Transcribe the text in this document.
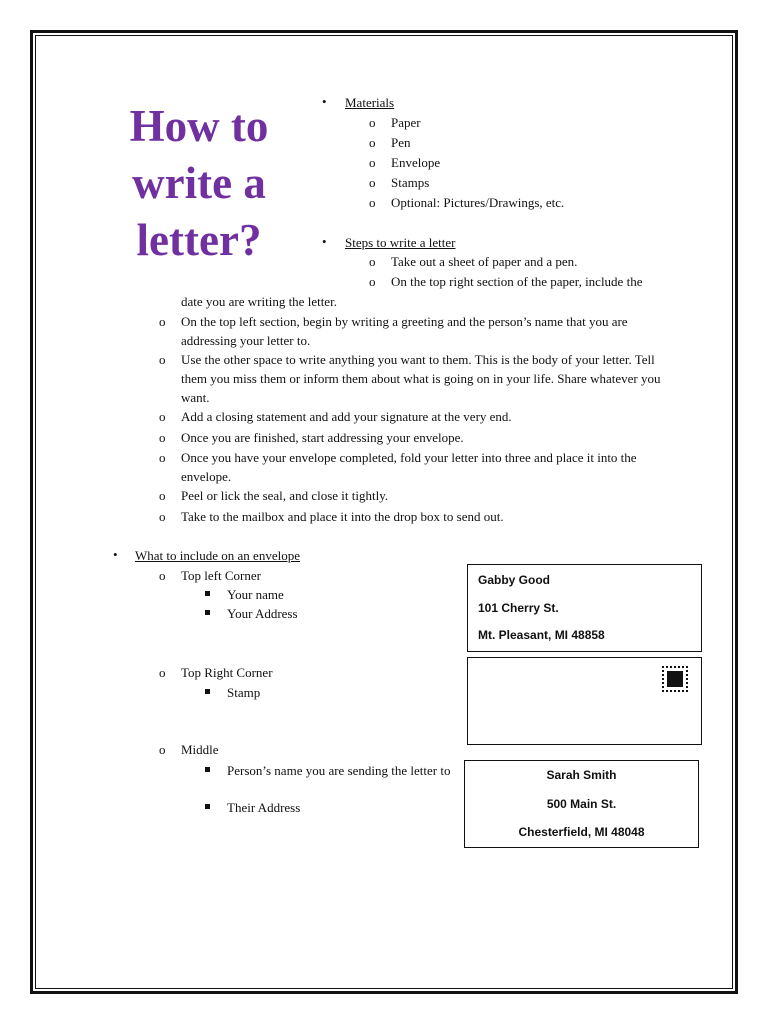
How to
write a
letter?
• Materials
o Paper
o Pen
o Envelope
o Stamps
o Optional: Pictures/Drawings, etc.
• Steps to write a letter
o Take out a sheet of paper and a pen.
o On the top right section of the paper, include the
date you are writing the letter.
o On the top left section, begin by writing a greeting and the person’s name that you are addressing your letter to.
o Use the other space to write anything you want to them. This is the body of your letter. Tell them you miss them or inform them about what is going on in your life. Share whatever you want.
o Add a closing statement and add your signature at the very end.
o Once you are finished, start addressing your envelope.
o Once you have your envelope completed, fold your letter into three and place it into the envelope.
o Peel or lick the seal, and close it tightly.
o Take to the mailbox and place it into the drop box to send out.
• What to include on an envelope
o Top left Corner
Your name
Your Address
o Top Right Corner
Stamp
o Middle
Person’s name you are sending the letter to
Their Address
Gabby Good
101 Cherry St.
Mt. Pleasant, MI 48858
Sarah Smith
500 Main St.
Chesterfield, MI 48048
